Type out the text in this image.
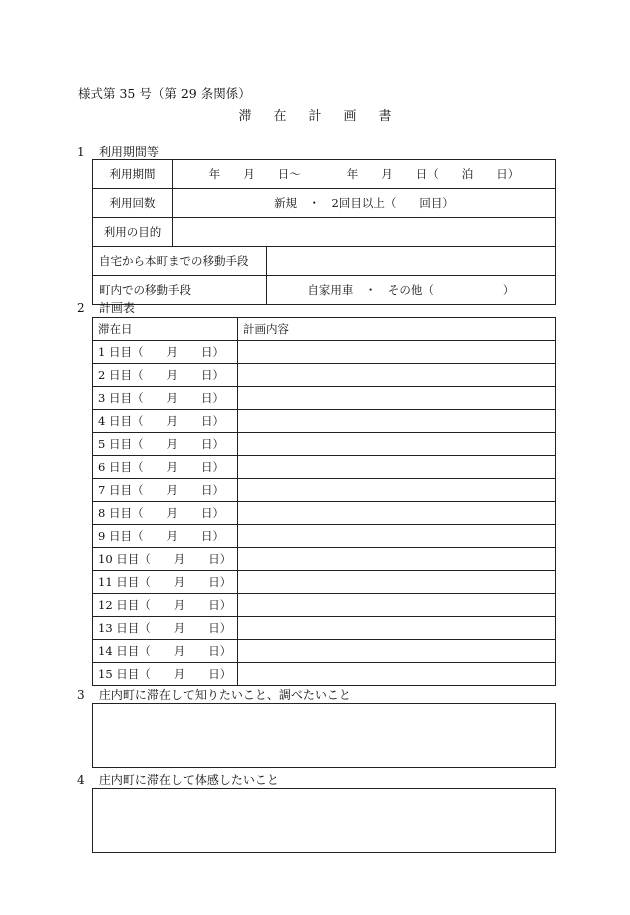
様式第 35 号（第 29 条関係）
滞在計画書
1 利用期間等
利用期間	年　　月　　日～　　　　年　　月　　日（　　泊　　日）	
利用回数	新規　・　2回目以上（　　回目）	
利用の目的		
自宅から本町までの移動手段		
町内での移動手段		自家用車　・　その他（　　　　　　）
2 計画表
滞在日	計画内容
1 日目（　　月　　日）	
2 日目（　　月　　日）	
3 日目（　　月　　日）	
4 日目（　　月　　日）	
5 日目（　　月　　日）	
6 日目（　　月　　日）	
7 日目（　　月　　日）	
8 日目（　　月　　日）	
9 日目（　　月　　日）	
10 日目（　　月　　日）	
11 日目（　　月　　日）	
12 日目（　　月　　日）	
13 日目（　　月　　日）	
14 日目（　　月　　日）	
15 日目（　　月　　日）	
3 庄内町に滞在して知りたいこと、調べたいこと
4 庄内町に滞在して体感したいこと
